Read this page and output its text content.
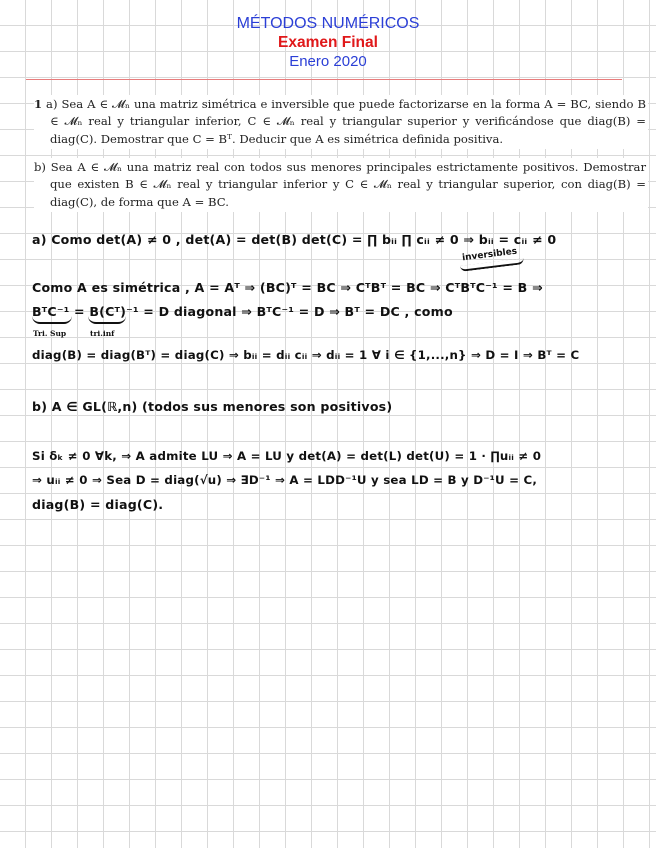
MÉTODOS NUMÉRICOS
Examen Final
Enero 2020
1 a) Sea A ∈ 𝓜ₙ una matriz simétrica e inversible que puede factorizarse en la forma A = BC, siendo B ∈ 𝓜ₙ real y triangular inferior, C ∈ 𝓜ₙ real y triangular superior y verificándose que diag(B) = diag(C). Demostrar que C = Bᵀ. Deducir que A es simétrica definida positiva.
b) Sea A ∈ 𝓜ₙ una matriz real con todos sus menores principales estrictamente positivos. Demostrar que existen B ∈ 𝓜ₙ real y triangular inferior y C ∈ 𝓜ₙ real y triangular superior, con diag(B) = diag(C), de forma que A = BC.
a) Como det(A) ≠ 0 , det(A) = det(B) det(C) = ∏ bᵢᵢ ∏ cᵢᵢ ≠ 0 ⇒ bᵢᵢ = cᵢᵢ ≠ 0
inversibles
Como A es simétrica , A = Aᵀ ⇒ (BC)ᵀ = BC ⇒ CᵀBᵀ = BC ⇒ CᵀBᵀC⁻¹ = B ⇒
BᵀC⁻¹ = B(Cᵀ)⁻¹ = D diagonal ⇒ BᵀC⁻¹ = D ⇒ Bᵀ = DC , como
Tri. Sup	tri.inf
diag(B) = diag(Bᵀ) = diag(C) ⇒ bᵢᵢ = dᵢᵢ cᵢᵢ ⇒ dᵢᵢ = 1 ∀ i ∈ {1,...,n} ⇒ D = I ⇒ Bᵀ = C
b) A ∈ GL(ℝ,n) (todos sus menores son positivos)
Si δₖ ≠ 0 ∀k, ⇒ A admite LU ⇒ A = LU y det(A) = det(L) det(U) = 1 · ∏uᵢᵢ ≠ 0
⇒ uᵢᵢ ≠ 0 ⇒ Sea D = diag(√u) ⇒ ∃D⁻¹ ⇒ A = LDD⁻¹U y sea LD = B y D⁻¹U = C,
diag(B) = diag(C).
